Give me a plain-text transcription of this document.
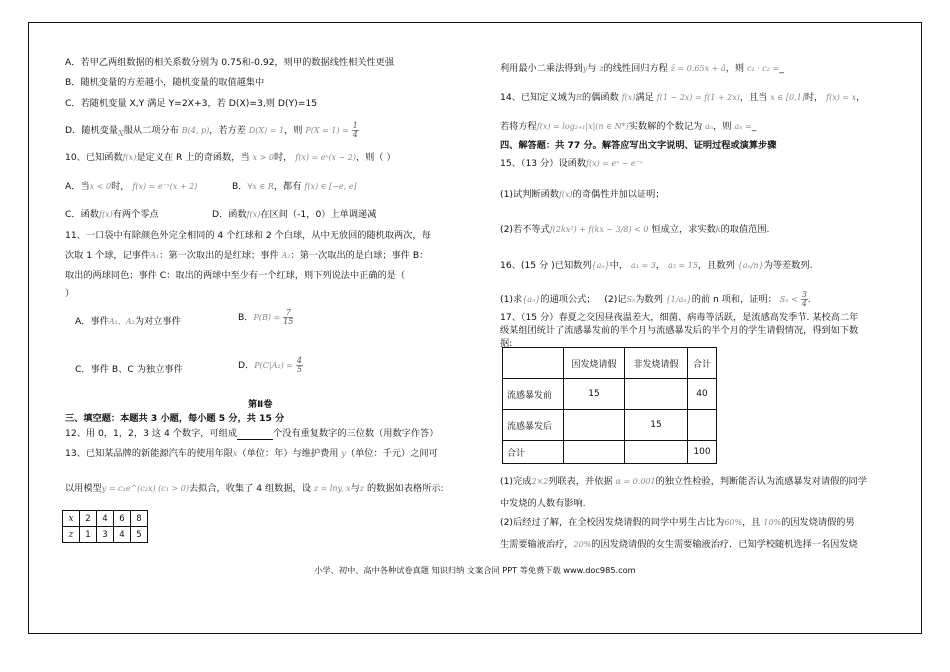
A．若甲乙两组数据的相关系数分别为 0.75和-0.92，则甲的数据线性相关性更强
B．随机变量的方差越小，随机变量的取值越集中
C．若随机变量 X,Y 满足 Y=2X+3，若 D(X)=3,则 D(Y)=15
D．随机变量$_X$服从二项分布 B(4, p)，若方差 D(X) = 1，则 $P(X = 1) = \frac{1}{4}$
10、已知函数f(x)是定义在 R 上的奇函数，当 x > 0时， f(x) = eˣ(x − 2)，则（ ）
A．当x < 0时， f(x) = e⁻ˣ(x + 2)	B．∀x ∈ R，都有 f(x) ∈ [−e, e]
C．函数f(x)有两个零点	D．函数f(x)在区间（-1，0）上单调递减
11、一口袋中有除颜色外完全相同的 4 个红球和 2 个白球，从中无放回的随机取两次，每
次取 1 个球，记事件A₁：第一次取出的是红球；事件 A₂：第一次取出的是白球；事件 B：
取出的两球同色；事件 C：取出的两球中至少有一个红球，则下列说法中正确的是（
）
A．事件A₁，A₂为对立事件	B．$P(B) = \frac{7}{15}$
C．事件 B、C 为独立事件	D．$P(C|A_2) = \frac{4}{5}$
第Ⅱ卷
三、填空题：本题共 3 小题，每小题 5 分，共 15 分
12、用 0，1，2，3 这 4 个数字，可组成	个没有重复数字的三位数（用数字作答）
13、已知某品牌的新能源汽车的使用年限x（单位：年）与维护费用 y（单位：千元）之间可
以用模型y = c₁e^(c₂x) (c₁ > 0)去拟合，收集了 4 组数据，设 z = lny, x与z 的数据如表格所示:
x	2	4	6	8
z	1	3	4	5
利用最小二乘法得到y与 z的线性回归方程 ẑ = 0.65x + â，则 c₁ · c₂ =_
14、已知定义域为R的偶函数 f(x)满足 f(1 − 2x) = f(1 + 2x)，且当 x ∈ [0,1]时， f(x) = x，
若将方程f(x) = log₂₊₁|x|(n ∈ N*)实数解的个数记为 aₙ，则 aₙ =_
四、解答题：共 77 分。解答应写出文字说明、证明过程或演算步骤
15、（13 分）设函数f(x) = eˣ − e⁻ˣ
(1)试判断函数f(x)的奇偶性并加以证明；
(2)若不等式f(2kx²) + f(kx − 3/8) < 0 恒成立，求实数k的取值范围.
16、(15 分 )已知数列{aₙ}中， a₁ = 3， a₅ = 15，且数列 {aₙ/n}为等差数列.
(1)求{aₙ}的通项公式； (2)记Sₙ为数列 {1/aₙ}的前 n 项和，证明： $S_n < \frac{3}{4}$ .
17、（15 分）春夏之交因昼夜温差大，细菌、病毒等活跃，是流感高发季节. 某校高二年
级某组团统计了流感暴发前的半个月与流感暴发后的半个月的学生请假情况，得到如下数
据:
	因发烧请假	非发烧请假	合计
流感暴发前	15		40
流感暴发后		15	
合计			100
(1)完成2×2列联表，并依据 α = 0.001的独立性检验，判断能否认为流感暴发对请假的同学
中发烧的人数有影响.
(2)后经过了解，在全校因发烧请假的同学中男生占比为60%，且 10%的因发烧请假的男
生需要输液治疗，20%的因发烧请假的女生需要输液治疗．已知学校随机选择一名因发烧
小学、初中、高中各种试卷真题 知识归纳 文案合同 PPT 等免费下载 www.doc985.com
